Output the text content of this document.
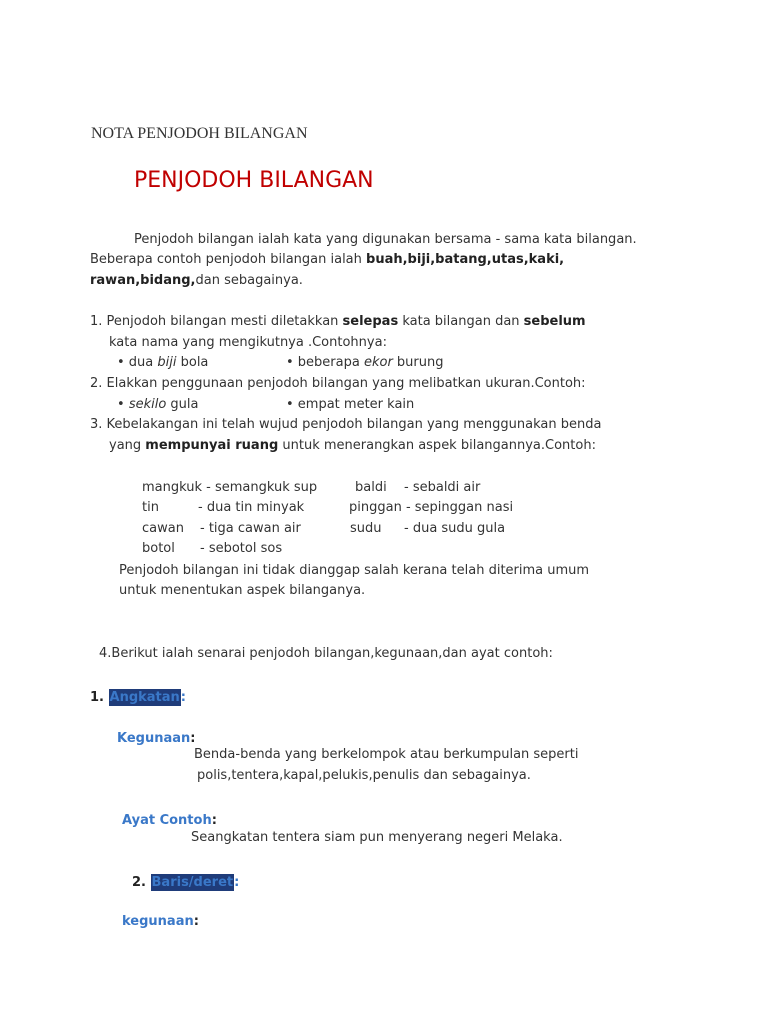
NOTA PENJODOH BILANGAN
PENJODOH BILANGAN
Penjodoh bilangan ialah kata yang digunakan bersama - sama kata bilangan.
Beberapa contoh penjodoh bilangan ialah buah,biji,batang,utas,kaki,
rawan,bidang,dan sebagainya.
1. Penjodoh bilangan mesti diletakkan selepas kata bilangan dan sebelum
kata nama yang mengikutnya .Contohnya:
• dua biji bola	• beberapa ekor burung
2. Elakkan penggunaan penjodoh bilangan yang melibatkan ukuran.Contoh:
• sekilo gula	• empat meter kain
3. Kebelakangan ini telah wujud penjodoh bilangan yang menggunakan benda
yang mempunyai ruang untuk menerangkan aspek bilangannya.Contoh:
mangkuk - semangkuk sup	baldi - sebaldi air
tin	- dua tin minyak	pinggan - sepinggan nasi
cawan - tiga cawan air	sudu - dua sudu gula
botol - sebotol sos
Penjodoh bilangan ini tidak dianggap salah kerana telah diterima umum
untuk menentukan aspek bilanganya.
4.Berikut ialah senarai penjodoh bilangan,kegunaan,dan ayat contoh:
1. Angkatan:
Kegunaan:
Benda-benda yang berkelompok atau berkumpulan seperti
polis,tentera,kapal,pelukis,penulis dan sebagainya.
Ayat Contoh:
Seangkatan tentera siam pun menyerang negeri Melaka.
2. Baris/deret:
kegunaan:
